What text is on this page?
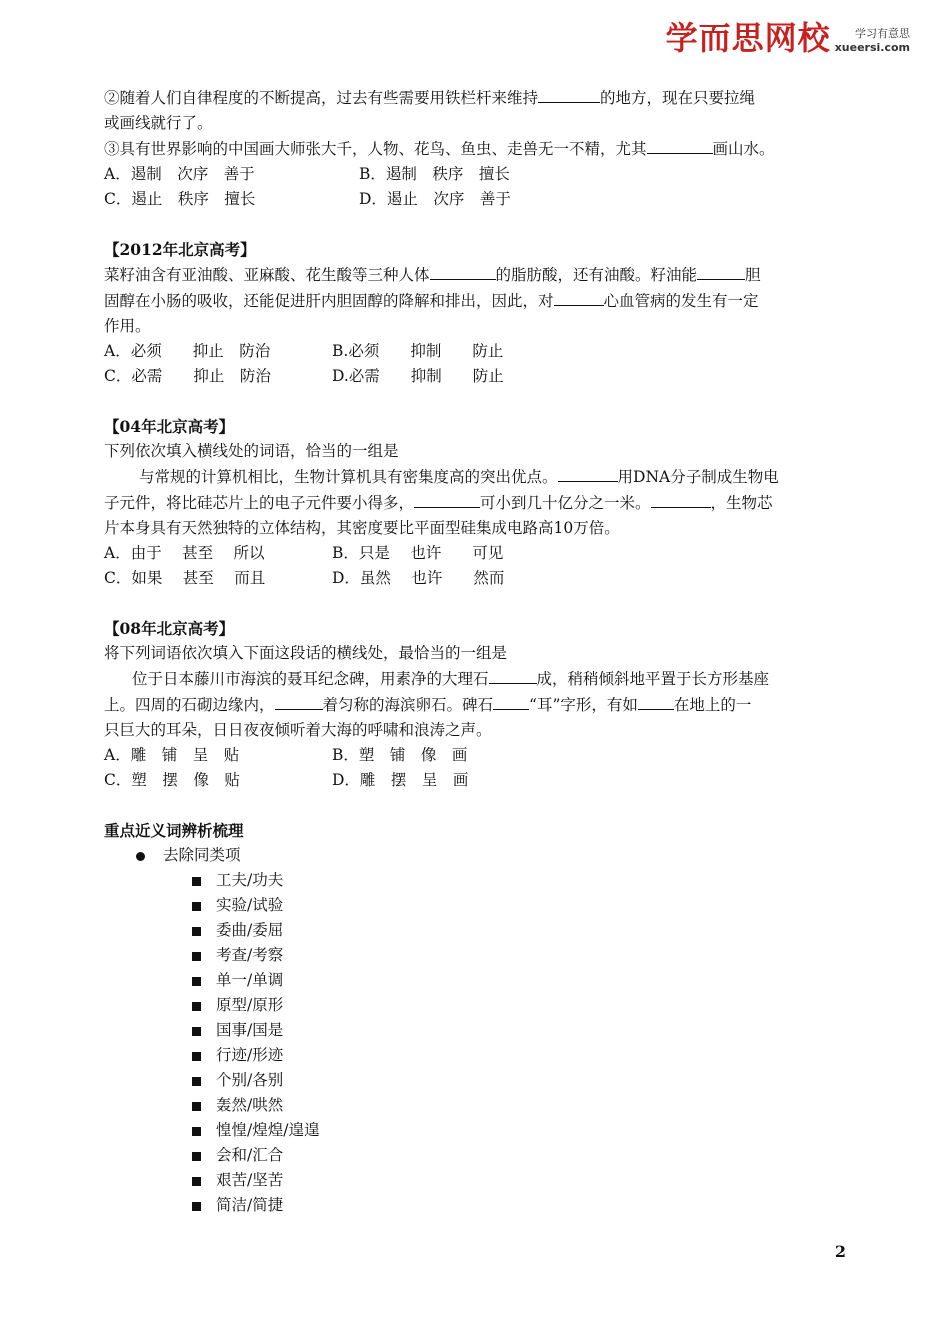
学而思网校	学习有意思
xueersi.com
②随着人们自律程度的不断提高，过去有些需要用铁栏杆来维持	的地方，现在只要拉绳
或画线就行了。
③具有世界影响的中国画大师张大千，人物、花鸟、鱼虫、走兽无一不精，尤其	画山水。
A．遏制　次序　善于	B．遏制　秩序　擅长
C．遏止　秩序　擅长	D．遏止　次序　善于
【2012年北京高考】
菜籽油含有亚油酸、亚麻酸、花生酸等三种人体	的脂肪酸，还有油酸。籽油能	胆
固醇在小肠的吸收，还能促进肝内胆固醇的降解和排出，因此，对	心血管病的发生有一定
作用。
A．必须　　抑止　防治	B.必须　　抑制　　防止
C．必需　　抑止　防治	D.必需　　抑制　　防止
【04年北京高考】
下列依次填入横线处的词语，恰当的一组是
与常规的计算机相比，生物计算机具有密集度高的突出优点。	用DNA分子制成生物电
子元件，将比硅芯片上的电子元件要小得多，	可小到几十亿分之一米。	，生物芯
片本身具有天然独特的立体结构，其密度要比平面型硅集成电路高10万倍。
A．由于　 甚至　 所以	B．只是　 也许　　可见
C．如果　 甚至　 而且	D．虽然　 也许　　然而
【08年北京高考】
将下列词语依次填入下面这段话的横线处，最恰当的一组是
位于日本藤川市海滨的聂耳纪念碑，用素净的大理石	成，稍稍倾斜地平置于长方形基座
上。四周的石砌边缘内，	着匀称的海滨卵石。碑石 “耳”字形，有如 在地上的一
只巨大的耳朵，日日夜夜倾听着大海的呼啸和浪涛之声。
A．雕　铺　呈　贴	B．塑　铺　像　画
C．塑　摆　像　贴	D．雕　摆　呈　画
重点近义词辨析梳理
去除同类项
工夫/功夫
实验/试验
委曲/委屈
考查/考察
单一/单调
原型/原形
国事/国是
行迹/形迹
个别/各别
轰然/哄然
惶惶/煌煌/遑遑
会和/汇合
艰苦/坚苦
简洁/简捷
2
